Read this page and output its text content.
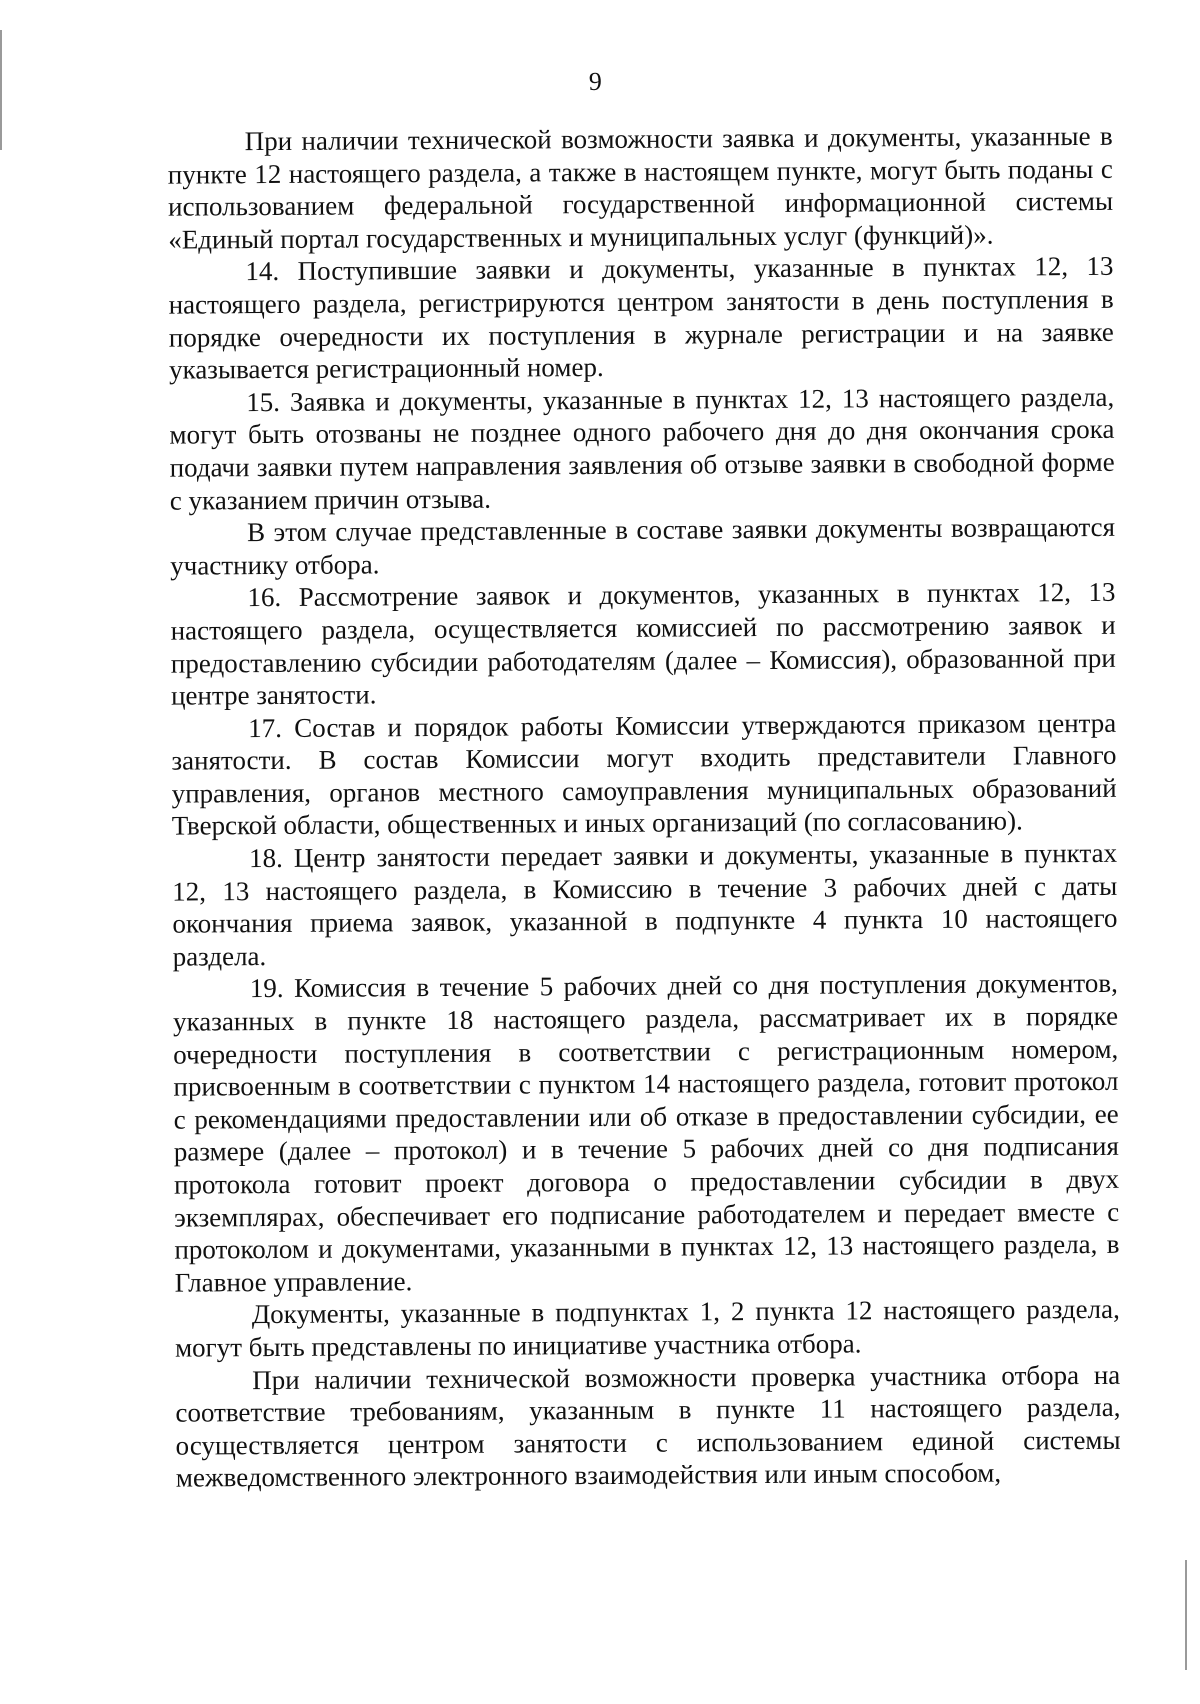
9

При наличии технической возможности заявка и документы, указанные в пункте 12 настоящего раздела, а также в настоящем пункте, могут быть поданы с использованием федеральной государственной информационной системы «Единый портал государственных и муниципальных услуг (функций)».

14. Поступившие заявки и документы, указанные в пунктах 12, 13 настоящего раздела, регистрируются центром занятости в день поступления в порядке очередности их поступления в журнале регистрации и на заявке указывается регистрационный номер.

15. Заявка и документы, указанные в пунктах 12, 13 настоящего раздела, могут быть отозваны не позднее одного рабочего дня до дня окончания срока подачи заявки путем направления заявления об отзыве заявки в свободной форме с указанием причин отзыва.

В этом случае представленные в составе заявки документы возвращаются участнику отбора.

16. Рассмотрение заявок и документов, указанных в пунктах 12, 13 настоящего раздела, осуществляется комиссией по рассмотрению заявок и предоставлению субсидии работодателям (далее – Комиссия), образованной при центре занятости.

17. Состав и порядок работы Комиссии утверждаются приказом центра занятости. В состав Комиссии могут входить представители Главного управления, органов местного самоуправления муниципальных образований Тверской области, общественных и иных организаций (по согласованию).

18. Центр занятости передает заявки и документы, указанные в пунктах 12, 13 настоящего раздела, в Комиссию в течение 3 рабочих дней с даты окончания приема заявок, указанной в подпункте 4 пункта 10 настоящего раздела.

19. Комиссия в течение 5 рабочих дней со дня поступления документов, указанных в пункте 18 настоящего раздела, рассматривает их в порядке очередности поступления в соответствии с регистрационным номером, присвоенным в соответствии с пунктом 14 настоящего раздела, готовит протокол с рекомендациями предоставлении или об отказе в предоставлении субсидии, ее размере (далее – протокол) и в течение 5 рабочих дней со дня подписания протокола готовит проект договора о предоставлении субсидии в двух экземплярах, обеспечивает его подписание работодателем и передает вместе с протоколом и документами, указанными в пунктах 12, 13 настоящего раздела, в Главное управление.

Документы, указанные в подпунктах 1, 2 пункта 12 настоящего раздела, могут быть представлены по инициативе участника отбора.

При наличии технической возможности проверка участника отбора на соответствие требованиям, указанным в пункте 11 настоящего раздела, осуществляется центром занятости с использованием единой системы межведомственного электронного взаимодействия или иным способом,
